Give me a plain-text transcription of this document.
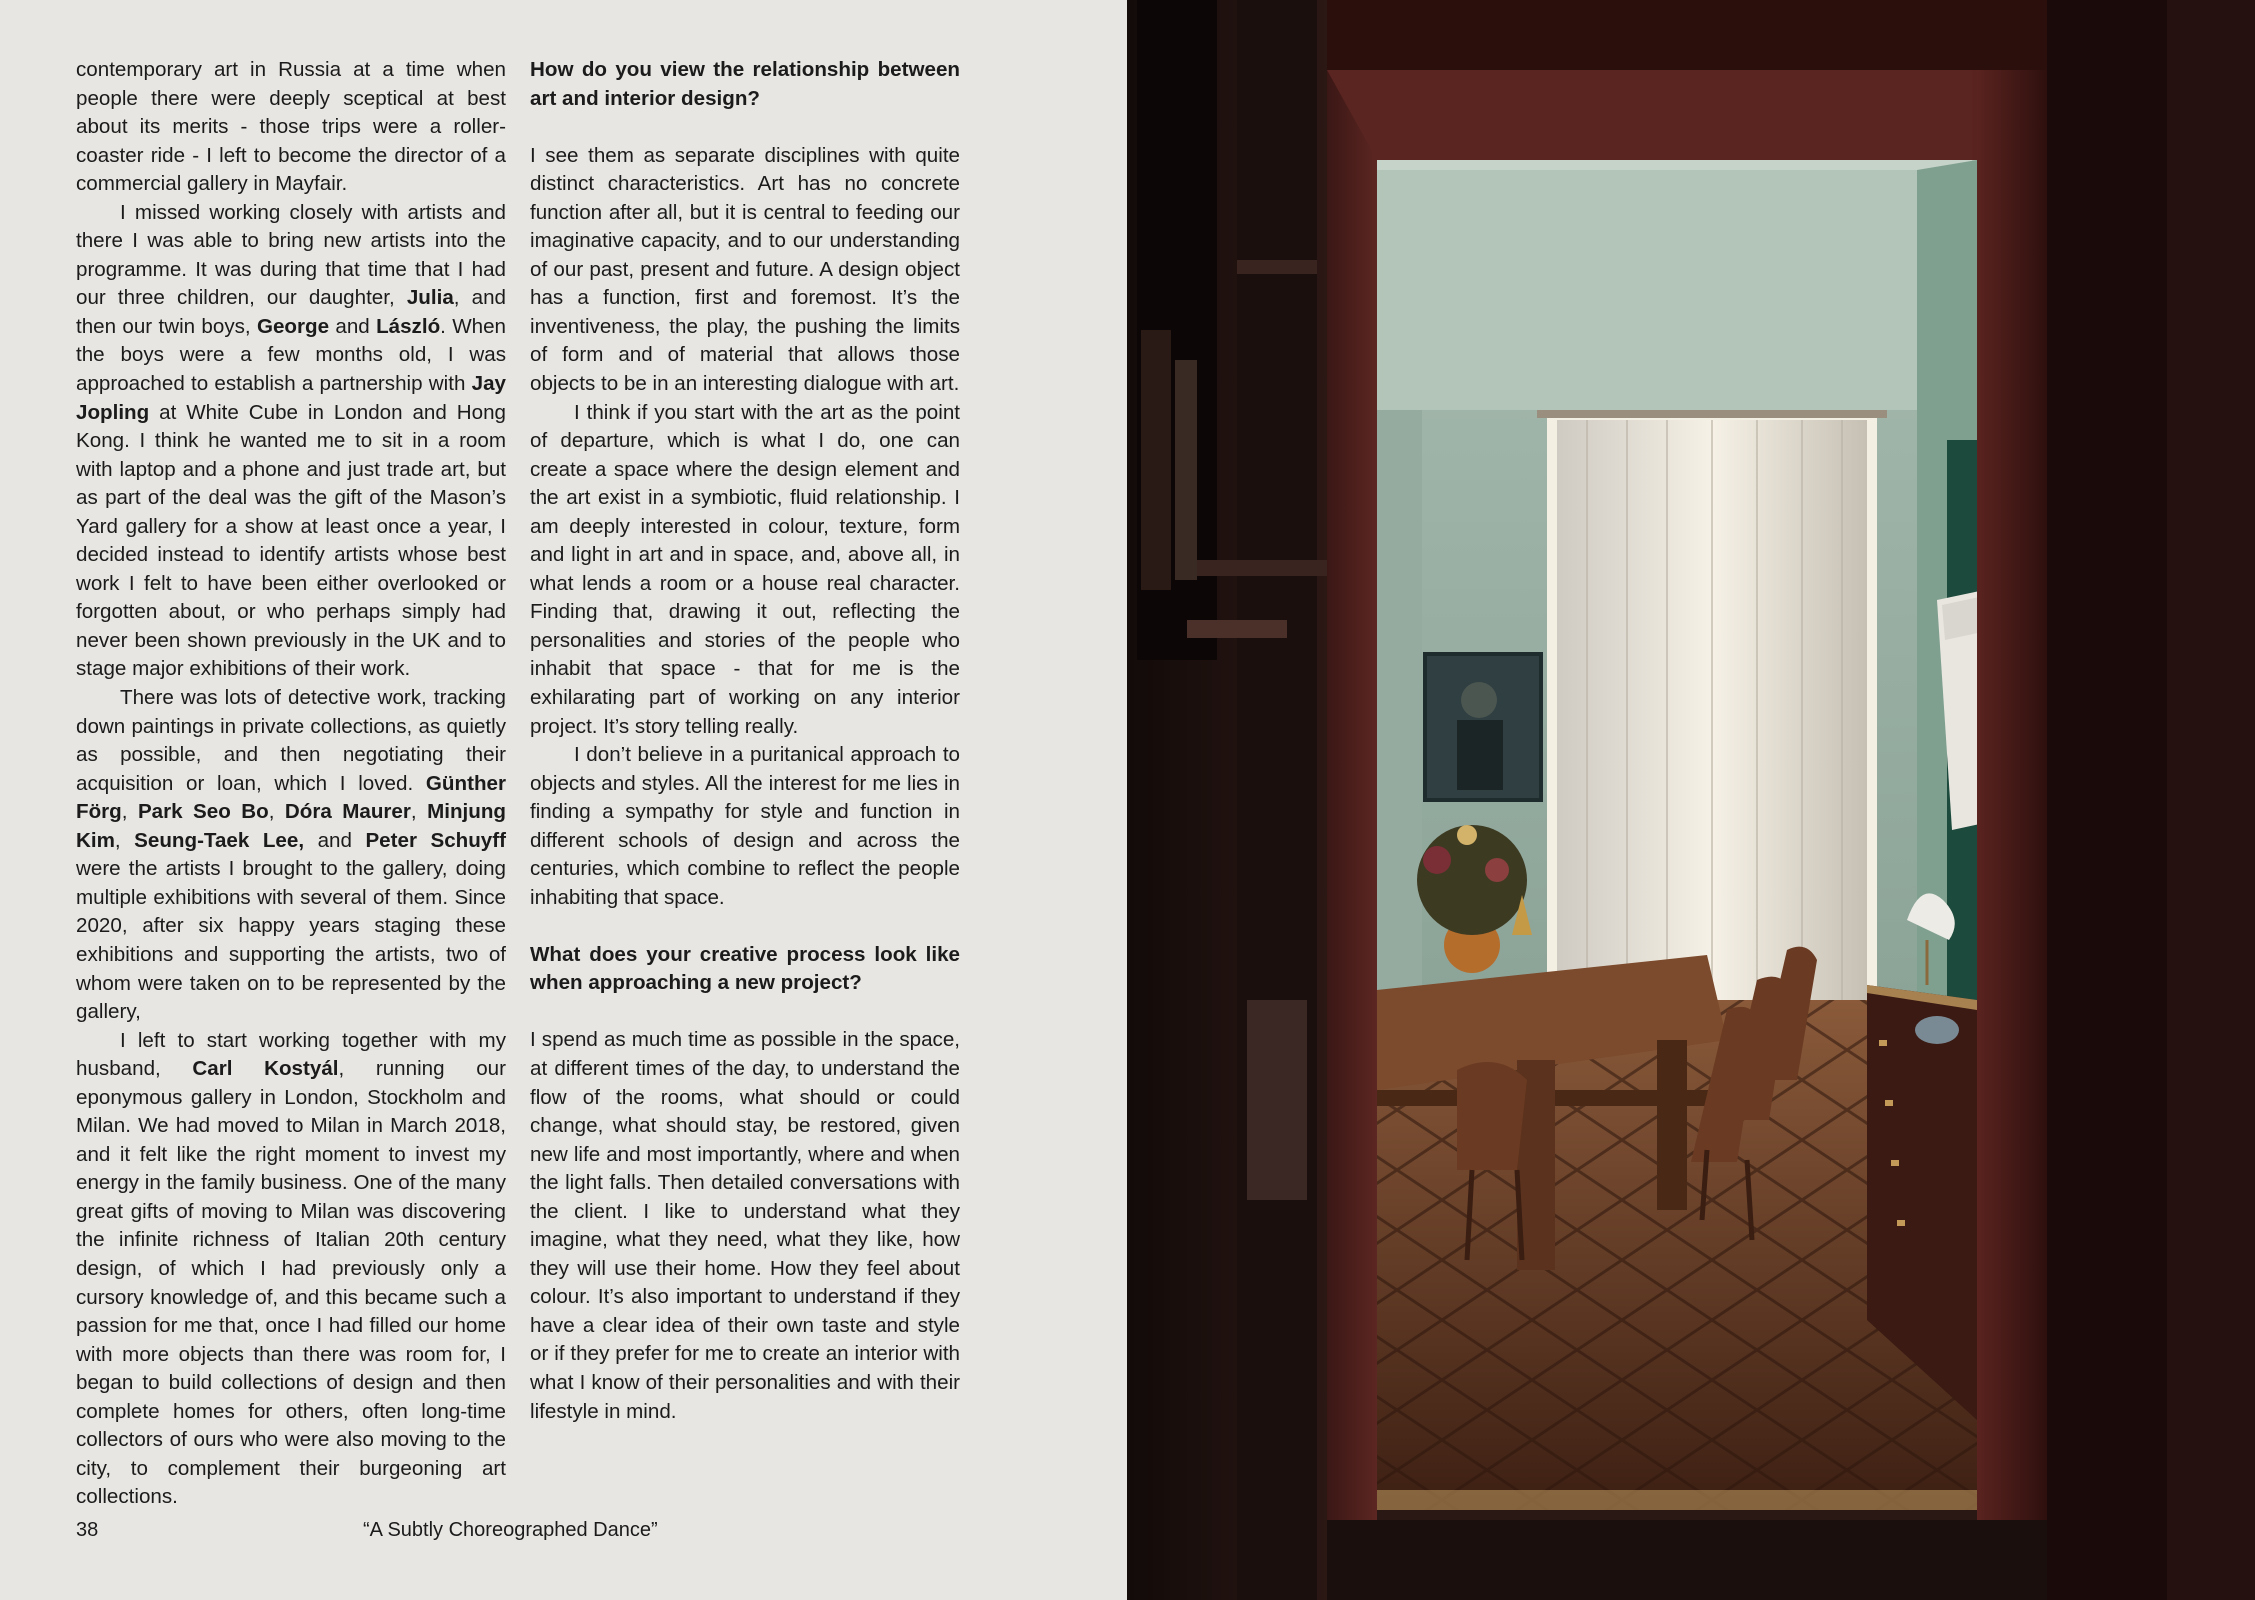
contemporary art in Russia at a time when people there were deeply sceptical at best about its merits - those trips were a roller-coaster ride - I left to become the director of a commercial gallery in Mayfair.

I missed working closely with artists and there I was able to bring new artists into the programme. It was during that time that I had our three children, our daughter, Julia, and then our twin boys, George and László. When the boys were a few months old, I was approached to establish a partnership with Jay Jopling at White Cube in London and Hong Kong. I think he wanted me to sit in a room with laptop and a phone and just trade art, but as part of the deal was the gift of the Mason’s Yard gallery for a show at least once a year, I decided instead to identify artists whose best work I felt to have been either overlooked or forgotten about, or who perhaps simply had never been shown previously in the UK and to stage major exhibitions of their work.

There was lots of detective work, tracking down paintings in private collections, as quietly as possible, and then negotiating their acquisition or loan, which I loved. Günther Förg, Park Seo Bo, Dóra Maurer, Minjung Kim, Seung-Taek Lee, and Peter Schuyff were the artists I brought to the gallery, doing multiple exhibitions with several of them. Since 2020, after six happy years staging these exhibitions and supporting the artists, two of whom were taken on to be represented by the gallery,

I left to start working together with my husband, Carl Kostyál, running our eponymous gallery in London, Stockholm and Milan. We had moved to Milan in March 2018, and it felt like the right moment to invest my energy in the family business. One of the many great gifts of moving to Milan was discovering the infinite richness of Italian 20th century design, of which I had previously only a cursory knowledge of, and this became such a passion for me that, once I had filled our home with more objects than there was room for, I began to build collections of design and then complete homes for others, often long-time collectors of ours who were also moving to the city, to complement their burgeoning art collections.

How do you view the relationship between art and interior design?

I see them as separate disciplines with quite distinct characteristics. Art has no concrete function after all, but it is central to feeding our imaginative capacity, and to our understanding of our past, present and future. A design object has a function, first and foremost. It’s the inventiveness, the play, the pushing the limits of form and of material that allows those objects to be in an interesting dialogue with art.

I think if you start with the art as the point of departure, which is what I do, one can create a space where the design element and the art exist in a symbiotic, fluid relationship. I am deeply interested in colour, texture, form and light in art and in space, and, above all, in what lends a room or a house real character. Finding that, drawing it out, reflecting the personalities and stories of the people who inhabit that space - that for me is the exhilarating part of working on any interior project. It’s story telling really.

I don’t believe in a puritanical approach to objects and styles. All the interest for me lies in finding a sympathy for style and function in different schools of design and across the centuries, which combine to reflect the people inhabiting that space.

What does your creative process look like when approaching a new project?

I spend as much time as possible in the space, at different times of the day, to understand the flow of the rooms, what should or could change, what should stay, be restored, given new life and most importantly, where and when the light falls. Then detailed conversations with the client. I like to understand what they imagine, what they need, what they like, how they will use their home. How they feel about colour. It’s also important to understand if they have a clear idea of their own taste and style or if they prefer for me to create an interior with what I know of their personalities and with their lifestyle in mind.

38	“A Subtly Choreographed Dance”
